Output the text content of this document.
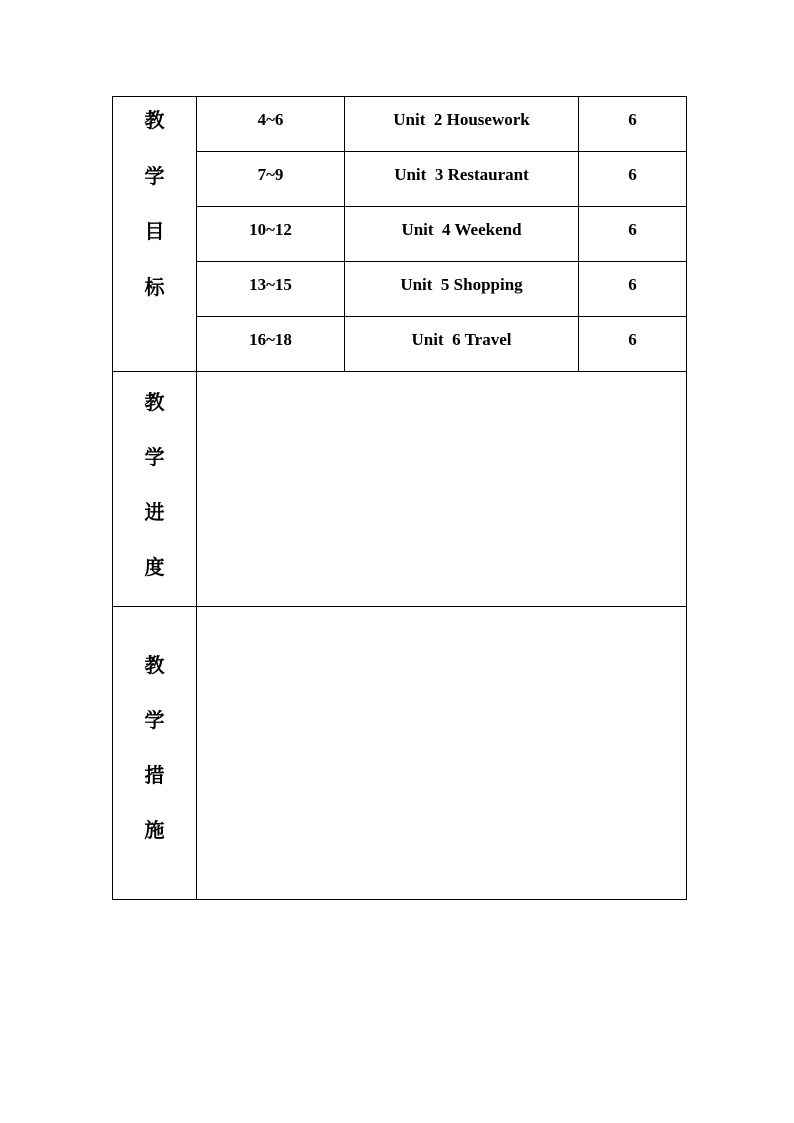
教
学
目
标	4~6	Unit  2 Housework	6

	7~9	Unit  3 Restaurant	6

	10~12	Unit  4 Weekend	6

	13~15	Unit  5 Shopping	6

	16~18	Unit  6 Travel	6

教
学
进
度			

教
学
措
施			
